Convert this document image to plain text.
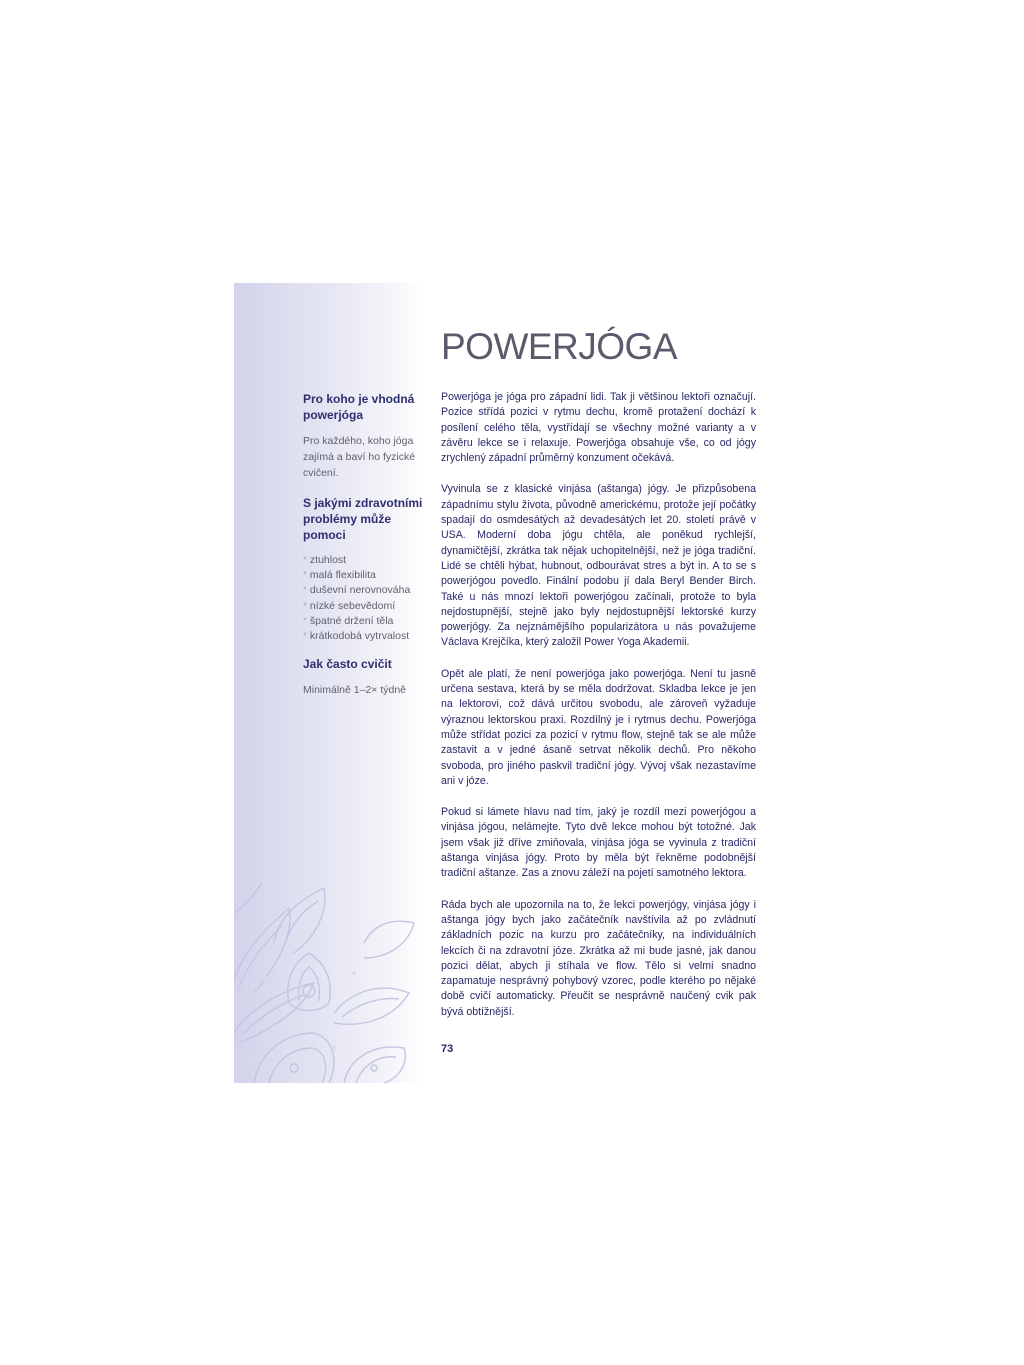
POWERJÓGA

Pro koho je vhodná powerjóga

Pro každého, koho jóga zajímá a baví ho fyzické cvičení.

S jakými zdravotními problémy může pomoci

* ztuhlost
* malá flexibilita
* duševní nerovnováha
* nízké sebevědomí
* špatné držení těla
* krátkodobá vytrvalost

Jak často cvičit

Minimálně 1–2× týdně

Powerjóga je jóga pro západní lidi. Tak ji většinou lektoři označují. Pozice střídá pozici v rytmu dechu, kromě protažení dochází k posílení celého těla, vystřídají se všechny možné varianty a v závěru lekce se i relaxuje. Powerjóga obsahuje vše, co od jógy zrychlený západní průměrný konzument očekává.

Vyvinula se z klasické vinjása (aštanga) jógy. Je přizpůsobena západnímu stylu života, původně americkému, protože její počátky spadají do osmdesátých až devadesátých let 20. století právě v USA. Moderní doba jógu chtěla, ale poněkud rychlejší, dynamičtější, zkrátka tak nějak uchopitelnější, než je jóga tradiční. Lidé se chtěli hýbat, hubnout, odbourávat stres a být in. A to se s powerjógou povedlo. Finální podobu jí dala Beryl Bender Birch. Také u nás mnozí lektoři powerjógou začínali, protože to byla nejdostupnější, stejně jako byly nejdostupnější lektorské kurzy powerjógy. Za nejznámějšího popularizátora u nás považujeme Václava Krejčíka, který založil Power Yoga Akademii.

Opět ale platí, že není powerjóga jako powerjóga. Není tu jasně určena sestava, která by se měla dodržovat. Skladba lekce je jen na lektorovi, což dává určitou svobodu, ale zároveň vyžaduje výraznou lektorskou praxi. Rozdílný je i rytmus dechu. Powerjóga může střídat pozici za pozicí v rytmu flow, stejně tak se ale může zastavit a v jedné ásaně setrvat několik dechů. Pro někoho svoboda, pro jiného paskvil tradiční jógy. Vývoj však nezastavíme ani v józe.

Pokud si lámete hlavu nad tím, jaký je rozdíl mezi powerjógou a vinjása jógou, nelámejte. Tyto dvě lekce mohou být totožné. Jak jsem však již dříve zmiňovala, vinjása jóga se vyvinula z tradiční aštanga vinjása jógy. Proto by měla být řekněme podobnější tradiční aštanze. Zas a znovu záleží na pojetí samotného lektora.

Ráda bych ale upozornila na to, že lekci powerjógy, vinjása jógy i aštanga jógy bych jako začátečník navštívila až po zvládnutí základních pozic na kurzu pro začátečníky, na individuálních lekcích či na zdravotní józe. Zkrátka až mi bude jasné, jak danou pozici dělat, abych ji stíhala ve flow. Tělo si velmi snadno zapamatuje nesprávný pohybový vzorec, podle kterého po nějaké době cvičí automaticky. Přeučit se nesprávně naučený cvik pak bývá obtížnější.

73
